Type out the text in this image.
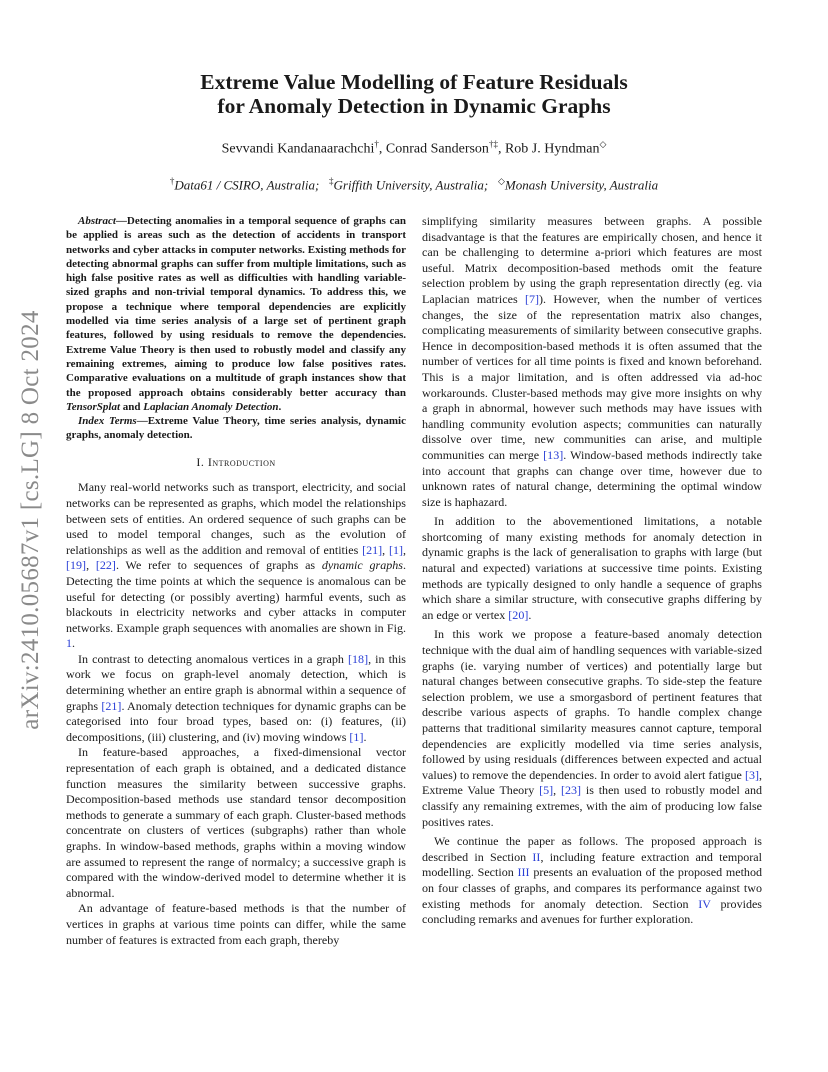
arXiv:2410.05687v1 [cs.LG] 8 Oct 2024
Extreme Value Modelling of Feature Residuals
for Anomaly Detection in Dynamic Graphs
Sevvandi Kandanaarachchi†, Conrad Sanderson†‡, Rob J. Hyndman◇
†Data61 / CSIRO, Australia; ‡Griffith University, Australia; ◇Monash University, Australia

Abstract—Detecting anomalies in a temporal sequence of graphs can be applied is areas such as the detection of accidents in transport networks and cyber attacks in computer networks. Existing methods for detecting abnormal graphs can suffer from multiple limitations, such as high false positive rates as well as difficulties with handling variable-sized graphs and non-trivial temporal dynamics. To address this, we propose a technique where temporal dependencies are explicitly modelled via time series analysis of a large set of pertinent graph features, followed by using residuals to remove the dependencies. Extreme Value Theory is then used to robustly model and classify any remaining extremes, aiming to produce low false positives rates. Comparative evaluations on a multitude of graph instances show that the proposed approach obtains considerably better accuracy than TensorSplat and Laplacian Anomaly Detection.

Index Terms—Extreme Value Theory, time series analysis, dynamic graphs, anomaly detection.

I. Introduction

Many real-world networks such as transport, electricity, and social networks can be represented as graphs, which model the relationships between sets of entities. An ordered sequence of such graphs can be used to model temporal changes, such as the evolution of relationships as well as the addition and removal of entities [21], [1], [19], [22]. We refer to sequences of graphs as dynamic graphs. Detecting the time points at which the sequence is anomalous can be useful for detecting (or possibly averting) harmful events, such as blackouts in electricity networks and cyber attacks in computer networks. Example graph sequences with anomalies are shown in Fig. 1.

In contrast to detecting anomalous vertices in a graph [18], in this work we focus on graph-level anomaly detection, which is determining whether an entire graph is abnormal within a sequence of graphs [21]. Anomaly detection techniques for dynamic graphs can be categorised into four broad types, based on: (i) features, (ii) decompositions, (iii) clustering, and (iv) moving windows [1].

In feature-based approaches, a fixed-dimensional vector representation of each graph is obtained, and a dedicated distance function measures the similarity between successive graphs. Decomposition-based methods use standard tensor decomposition methods to generate a summary of each graph. Cluster-based methods concentrate on clusters of vertices (subgraphs) rather than whole graphs. In window-based methods, graphs within a moving window are assumed to represent the range of normalcy; a successive graph is compared with the window-derived model to determine whether it is abnormal.

An advantage of feature-based methods is that the number of vertices in graphs at various time points can differ, while the same number of features is extracted from each graph, thereby

simplifying similarity measures between graphs. A possible disadvantage is that the features are empirically chosen, and hence it can be challenging to determine a-priori which features are most useful. Matrix decomposition-based methods omit the feature selection problem by using the graph representation directly (eg. via Laplacian matrices [7]). However, when the number of vertices changes, the size of the representation matrix also changes, complicating measurements of similarity between consecutive graphs. Hence in decomposition-based methods it is often assumed that the number of vertices for all time points is fixed and known beforehand. This is a major limitation, and is often addressed via ad-hoc workarounds. Cluster-based methods may give more insights on why a graph in abnormal, however such methods may have issues with handling community evolution aspects; communities can naturally dissolve over time, new communities can arise, and multiple communities can merge [13]. Window-based methods indirectly take into account that graphs can change over time, however due to unknown rates of natural change, determining the optimal window size is haphazard.

In addition to the abovementioned limitations, a notable shortcoming of many existing methods for anomaly detection in dynamic graphs is the lack of generalisation to graphs with large (but natural and expected) variations at successive time points. Existing methods are typically designed to only handle a sequence of graphs which share a similar structure, with consecutive graphs differing by an edge or vertex [20].

In this work we propose a feature-based anomaly detection technique with the dual aim of handling sequences with variable-sized graphs (ie. varying number of vertices) and potentially large but natural changes between consecutive graphs. To side-step the feature selection problem, we use a smorgasbord of pertinent features that describe various aspects of graphs. To handle complex change patterns that traditional similarity measures cannot capture, temporal dependencies are explicitly modelled via time series analysis, followed by using residuals (differences between expected and actual values) to remove the dependencies. In order to avoid alert fatigue [3], Extreme Value Theory [5], [23] is then used to robustly model and classify any remaining extremes, with the aim of producing low false positives rates.

We continue the paper as follows. The proposed approach is described in Section II, including feature extraction and temporal modelling. Section III presents an evaluation of the proposed method on four classes of graphs, and compares its performance against two existing methods for anomaly detection. Section IV provides concluding remarks and avenues for further exploration.
